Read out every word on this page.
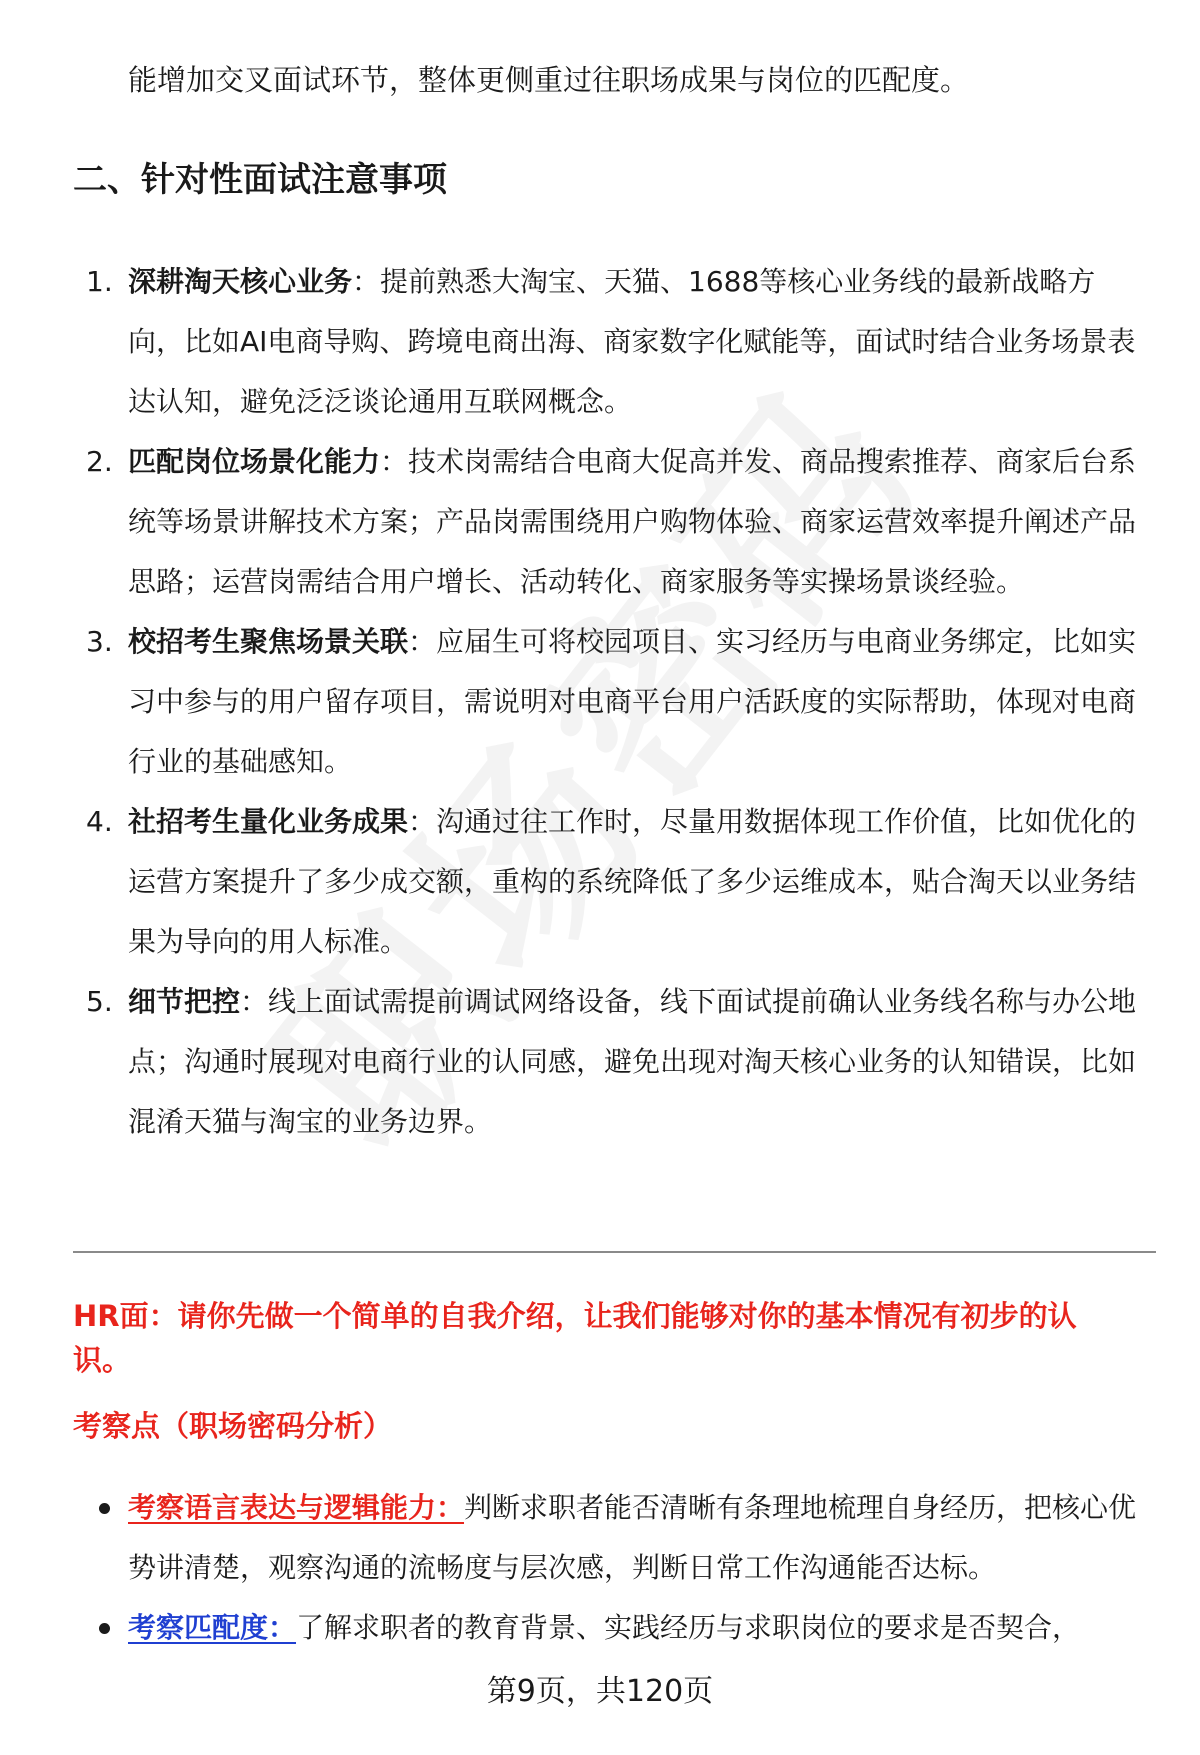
能增加交叉面试环节，整体更侧重过往职场成果与岗位的匹配度。
二、针对性面试注意事项
1. 深耕淘天核心业务：提前熟悉大淘宝、天猫、1688等核心业务线的最新战略方向，比如AI电商导购、跨境电商出海、商家数字化赋能等，面试时结合业务场景表达认知，避免泛泛谈论通用互联网概念。
2. 匹配岗位场景化能力：技术岗需结合电商大促高并发、商品搜索推荐、商家后台系统等场景讲解技术方案；产品岗需围绕用户购物体验、商家运营效率提升阐述产品思路；运营岗需结合用户增长、活动转化、商家服务等实操场景谈经验。
3. 校招考生聚焦场景关联：应届生可将校园项目、实习经历与电商业务绑定，比如实习中参与的用户留存项目，需说明对电商平台用户活跃度的实际帮助，体现对电商行业的基础感知。
4. 社招考生量化业务成果：沟通过往工作时，尽量用数据体现工作价值，比如优化的运营方案提升了多少成交额，重构的系统降低了多少运维成本，贴合淘天以业务结果为导向的用人标准。
5. 细节把控：线上面试需提前调试网络设备，线下面试提前确认业务线名称与办公地点；沟通时展现对电商行业的认同感，避免出现对淘天核心业务的认知错误，比如混淆天猫与淘宝的业务边界。
HR面：请你先做一个简单的自我介绍，让我们能够对你的基本情况有初步的认识。
考察点（职场密码分析）
考察语言表达与逻辑能力：判断求职者能否清晰有条理地梳理自身经历，把核心优势讲清楚，观察沟通的流畅度与层次感，判断日常工作沟通能否达标。
考察匹配度：了解求职者的教育背景、实践经历与求职岗位的要求是否契合，
第9页，共120页
